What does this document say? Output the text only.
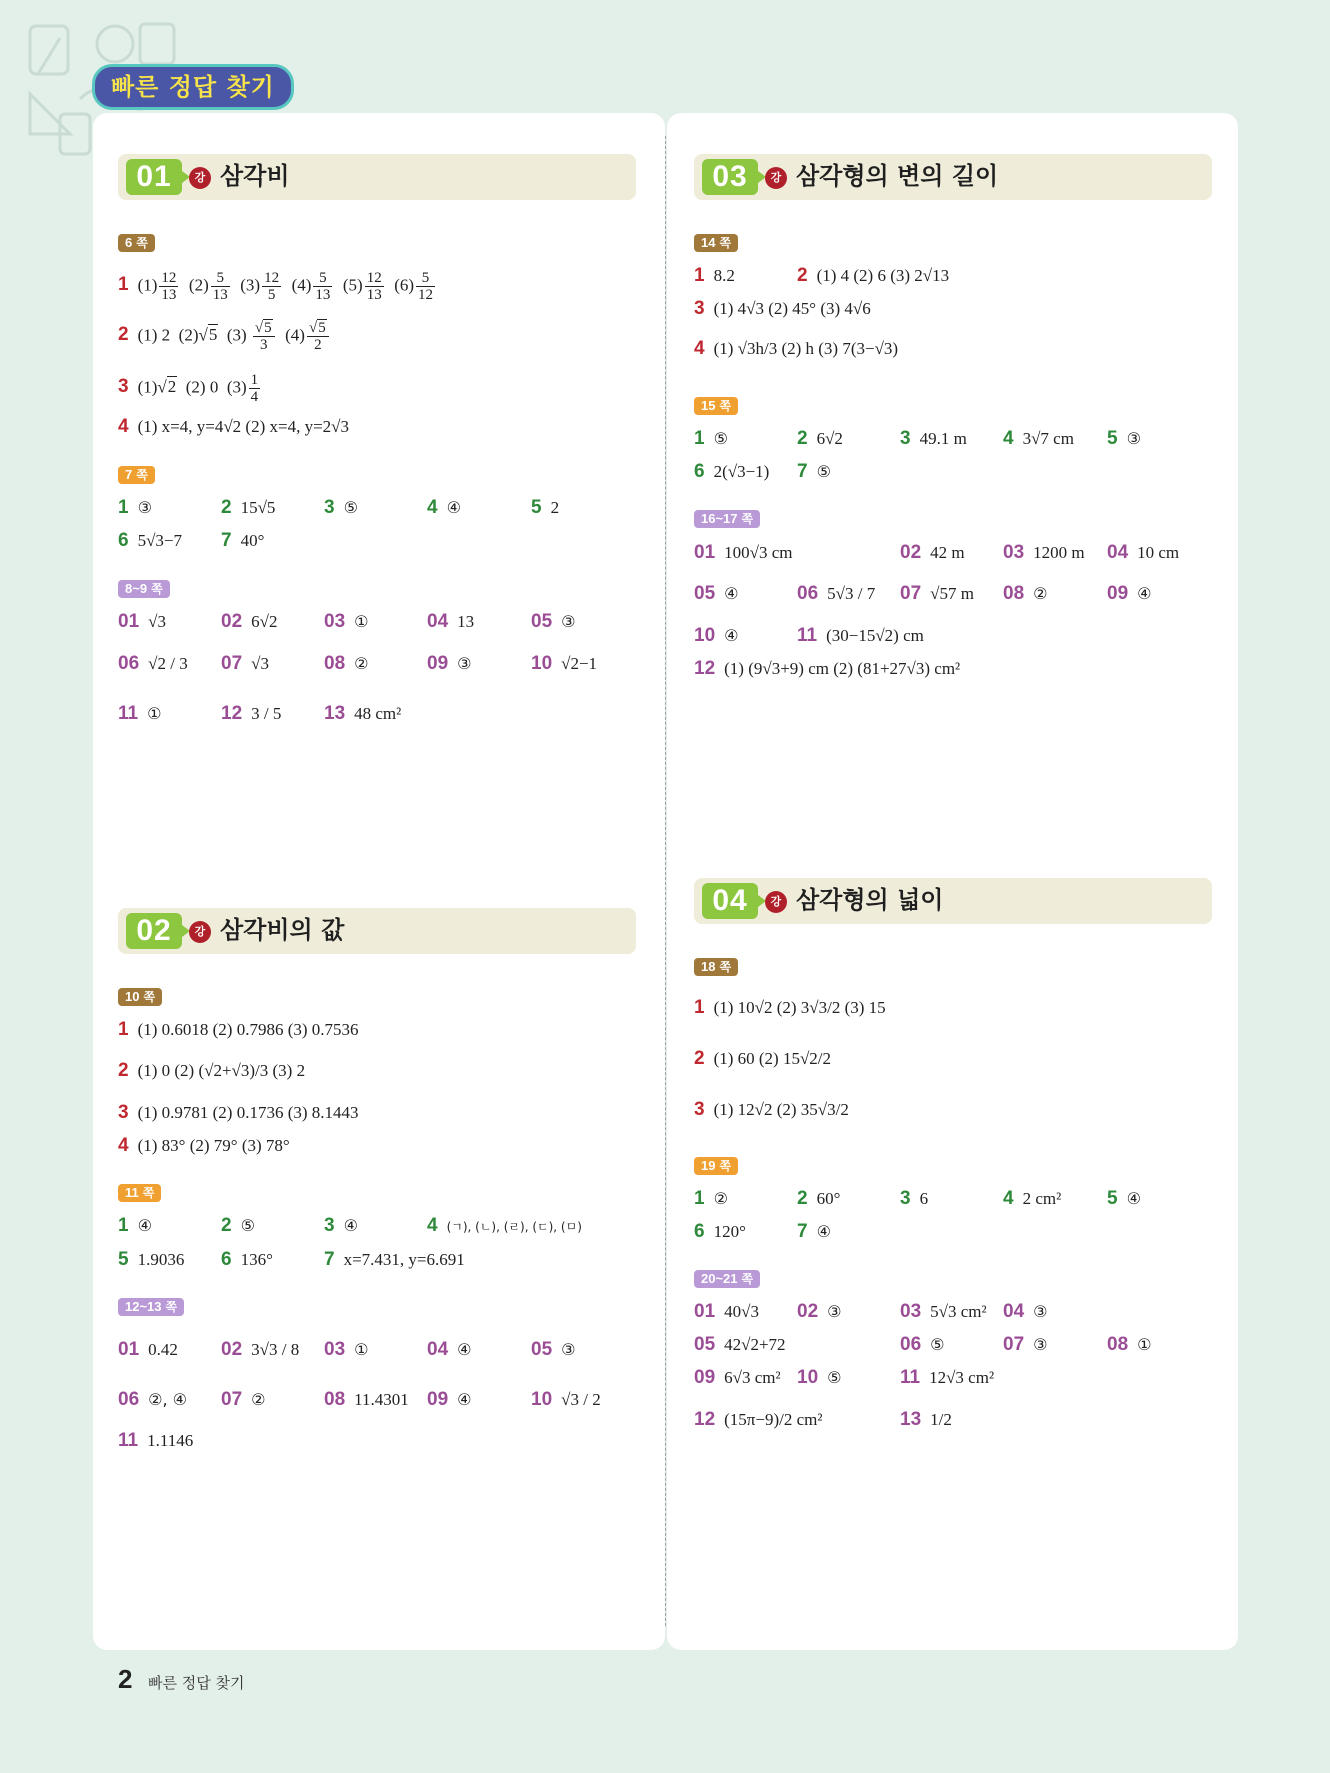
빠른 정답 찾기
01	강 삼각비
6 쪽
1 $(1) \frac{12}{13} (2) \frac{5}{13} (3) \frac{12}{5} (4) \frac{5}{13} (5) \frac{12}{13} (6) \frac{5}{12}$
2 (1) 2 (2)√5 $(3) \frac{√5}{3} (4) \frac{√5}{2}$
3 (1)√2 (2) 0 $(3) \frac{1}{4}$
4 (1) x=4, y=4√2 (2) x=4, y=2√3
7 쪽
1 ③	2 15√5	3 ⑤	4 ④	5 2
6 5√3−7 7 40°
8~9 쪽
01 √3	02 6√2 03 ①	04 13	05 ③
06 √2 / 3 07 √3	08 ②	09 ③	10 √2−1
11 ①	12 3 / 5 13 48 cm²
02	강 삼각비의 값
10 쪽
1 (1) 0.6018 (2) 0.7986 (3) 0.7536
2 (1) 0 (2) (√2+√3)/3 (3) 2
3 (1) 0.9781 (2) 0.1736 (3) 8.1443
4 (1) 83° (2) 79° (3) 78°
11 쪽
1 ④	2 ⑤	3 ④	4 (ㄱ), (ㄴ), (ㄹ), (ㄷ), (ㅁ)
5 1.9036 6 136°	7 x=7.431, y=6.691
12~13 쪽
01 0.42 02 3√3 / 8 03 ①	04 ④	05 ③
06 ②, ④ 07 ②	08 11.4301 09 ④	10 √3 / 2
11 1.1146
03	강 삼각형의 변의 길이
14 쪽
1 8.2	2 (1) 4 (2) 6 (3) 2√13
3 (1) 4√3 (2) 45° (3) 4√6
4 (1) √3h/3 (2) h (3) 7(3−√3)
15 쪽
1 ⑤	2 6√2	3 49.1 m 4 3√7 cm 5 ③
6 2(√3−1) 7 ⑤
16~17 쪽
01 100√3 cm	02 42 m 03 1200 m 04 10 cm
05 ④	06 5√3 / 7 07 √57 m 08 ②	09 ④
10 ④	11 (30−15√2) cm
12 (1) (9√3+9) cm (2) (81+27√3) cm²
04	강 삼각형의 넓이
18 쪽
1 (1) 10√2 (2) 3√3/2 (3) 15
2 (1) 60 (2) 15√2/2
3 (1) 12√2 (2) 35√3/2
19 쪽
1 ②	2 60°	3 6	4 2 cm² 5 ④
6 120°	7 ④
20~21 쪽
01 40√3 02 ③	03 5√3 cm² 04 ③
05 42√2+72	06 ⑤	07 ③	08 ①
09 6√3 cm² 10 ⑤	11 12√3 cm²
12 (15π−9)/2 cm²	13 1/2
2 빠른 정답 찾기
